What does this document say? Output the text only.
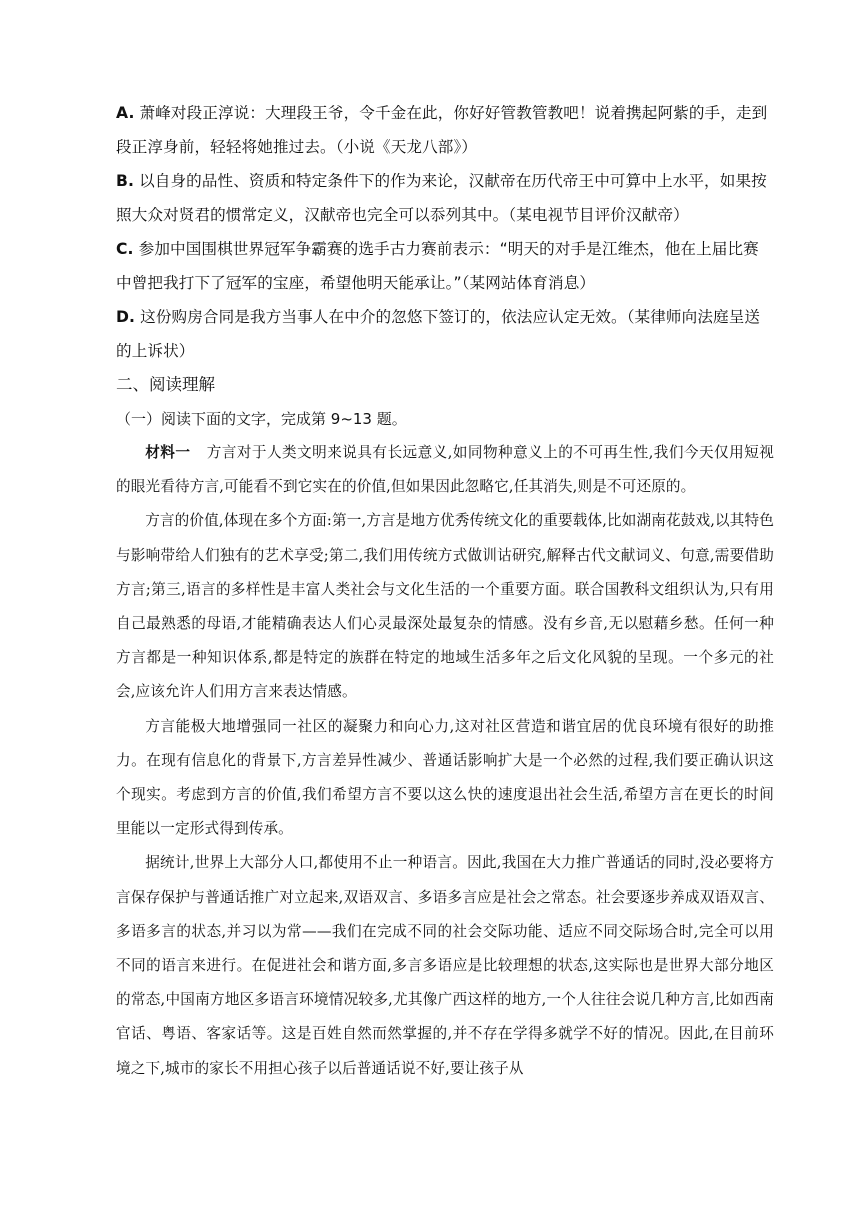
A. 萧峰对段正淳说：大理段王爷，令千金在此，你好好管教管教吧！说着携起阿紫的手，走到段正淳身前，轻轻将她推过去。（小说《天龙八部》）

B. 以自身的品性、资质和特定条件下的作为来论，汉献帝在历代帝王中可算中上水平，如果按照大众对贤君的惯常定义，汉献帝也完全可以忝列其中。（某电视节目评价汉献帝）

C. 参加中国围棋世界冠军争霸赛的选手古力赛前表示：“明天的对手是江维杰，他在上届比赛中曾把我打下了冠军的宝座，希望他明天能承让。”（某网站体育消息）

D. 这份购房合同是我方当事人在中介的忽悠下签订的，依法应认定无效。（某律师向法庭呈送的上诉状）

二、阅读理解

（一）阅读下面的文字，完成第 9~13 题。

材料一 方言对于人类文明来说具有长远意义,如同物种意义上的不可再生性,我们今天仅用短视的眼光看待方言,可能看不到它实在的价值,但如果因此忽略它,任其消失,则是不可还原的。

方言的价值,体现在多个方面:第一,方言是地方优秀传统文化的重要载体,比如湖南花鼓戏,以其特色与影响带给人们独有的艺术享受;第二,我们用传统方式做训诂研究,解释古代文献词义、句意,需要借助方言;第三,语言的多样性是丰富人类社会与文化生活的一个重要方面。联合国教科文组织认为,只有用自己最熟悉的母语,才能精确表达人们心灵最深处最复杂的情感。没有乡音,无以慰藉乡愁。任何一种方言都是一种知识体系,都是特定的族群在特定的地域生活多年之后文化风貌的呈现。一个多元的社会,应该允许人们用方言来表达情感。

方言能极大地增强同一社区的凝聚力和向心力,这对社区营造和谐宜居的优良环境有很好的助推力。在现有信息化的背景下,方言差异性减少、普通话影响扩大是一个必然的过程,我们要正确认识这个现实。考虑到方言的价值,我们希望方言不要以这么快的速度退出社会生活,希望方言在更长的时间里能以一定形式得到传承。

据统计,世界上大部分人口,都使用不止一种语言。因此,我国在大力推广普通话的同时,没必要将方言保存保护与普通话推广对立起来,双语双言、多语多言应是社会之常态。社会要逐步养成双语双言、多语多言的状态,并习以为常——我们在完成不同的社会交际功能、适应不同交际场合时,完全可以用不同的语言来进行。在促进社会和谐方面,多言多语应是比较理想的状态,这实际也是世界大部分地区的常态,中国南方地区多语言环境情况较多,尤其像广西这样的地方,一个人往往会说几种方言,比如西南官话、粤语、客家话等。这是百姓自然而然掌握的,并不存在学得多就学不好的情况。因此,在目前环境之下,城市的家长不用担心孩子以后普通话说不好,要让孩子从
